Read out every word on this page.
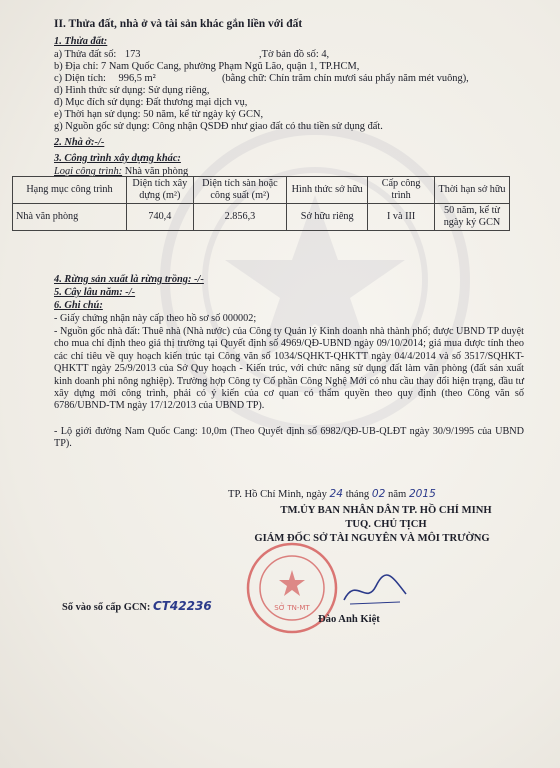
II. Thửa đất, nhà ở và tài sản khác gắn liền với đất
1. Thửa đất:
a) Thửa đất số: 173	,Tờ bản đồ số: 4,
b) Địa chỉ: 7 Nam Quốc Cang, phường Phạm Ngũ Lão, quận 1, TP.HCM,
c) Diện tích: 996,5 m²	(bằng chữ: Chín trăm chín mươi sáu phẩy năm mét vuông),
d) Hình thức sử dụng: Sử dụng riêng,
đ) Mục đích sử dụng: Đất thương mại dịch vụ,
e) Thời hạn sử dụng: 50 năm, kể từ ngày ký GCN,
g) Nguồn gốc sử dụng: Công nhận QSDĐ như giao đất có thu tiền sử dụng đất.
2. Nhà ở:-/-
3. Công trình xây dựng khác:
Loại công trình: Nhà văn phòng
Hạng mục công trình	Diện tích xây dựng (m²)	Diện tích sàn hoặc công suất (m²)	Hình thức sở hữu	Cấp công trình	Thời hạn sở hữu
Nhà văn phòng	740,4	2.856,3	Sở hữu riêng	I và III	50 năm, kể từ ngày ký GCN
4. Rừng sản xuất là rừng trồng: -/-
5. Cây lâu năm: -/-
6. Ghi chú:
- Giấy chứng nhận này cấp theo hồ sơ số 000002;
- Nguồn gốc nhà đất: Thuê nhà (Nhà nước) của Công ty Quản lý Kinh doanh nhà thành phố; được UBND TP duyệt cho mua chỉ định theo giá thị trường tại Quyết định số 4969/QĐ-UBND ngày 09/10/2014; giá mua được tính theo các chỉ tiêu về quy hoạch kiến trúc tại Công văn số 1034/SQHKT-QHKTT ngày 04/4/2014 và số 3517/SQHKT-QHKTT ngày 25/9/2013 của Sở Quy hoạch - Kiến trúc, với chức năng sử dụng đất làm văn phòng (đất sản xuất kinh doanh phi nông nghiệp). Trường hợp Công ty Cổ phần Công Nghệ Mới có nhu cầu thay đổi hiện trạng, đầu tư xây dựng mới công trình, phải có ý kiến của cơ quan có thẩm quyền theo quy định (theo Công văn số 6786/UBND-TM ngày 17/12/2013 của UBND TP).
- Lộ giới đường Nam Quốc Cang: 10,0m (Theo Quyết định số 6982/QĐ-UB-QLĐT ngày 30/9/1995 của UBND TP).
TP. Hồ Chí Minh, ngày 24 tháng 02 năm 2015
TM.ỦY BAN NHÂN DÂN TP. HỒ CHÍ MINH
TUQ. CHỦ TỊCH
GIÁM ĐỐC SỞ TÀI NGUYÊN VÀ MÔI TRƯỜNG
SỞ TN-MT
Đào Anh Kiệt
Số vào sổ cấp GCN: CT42236
